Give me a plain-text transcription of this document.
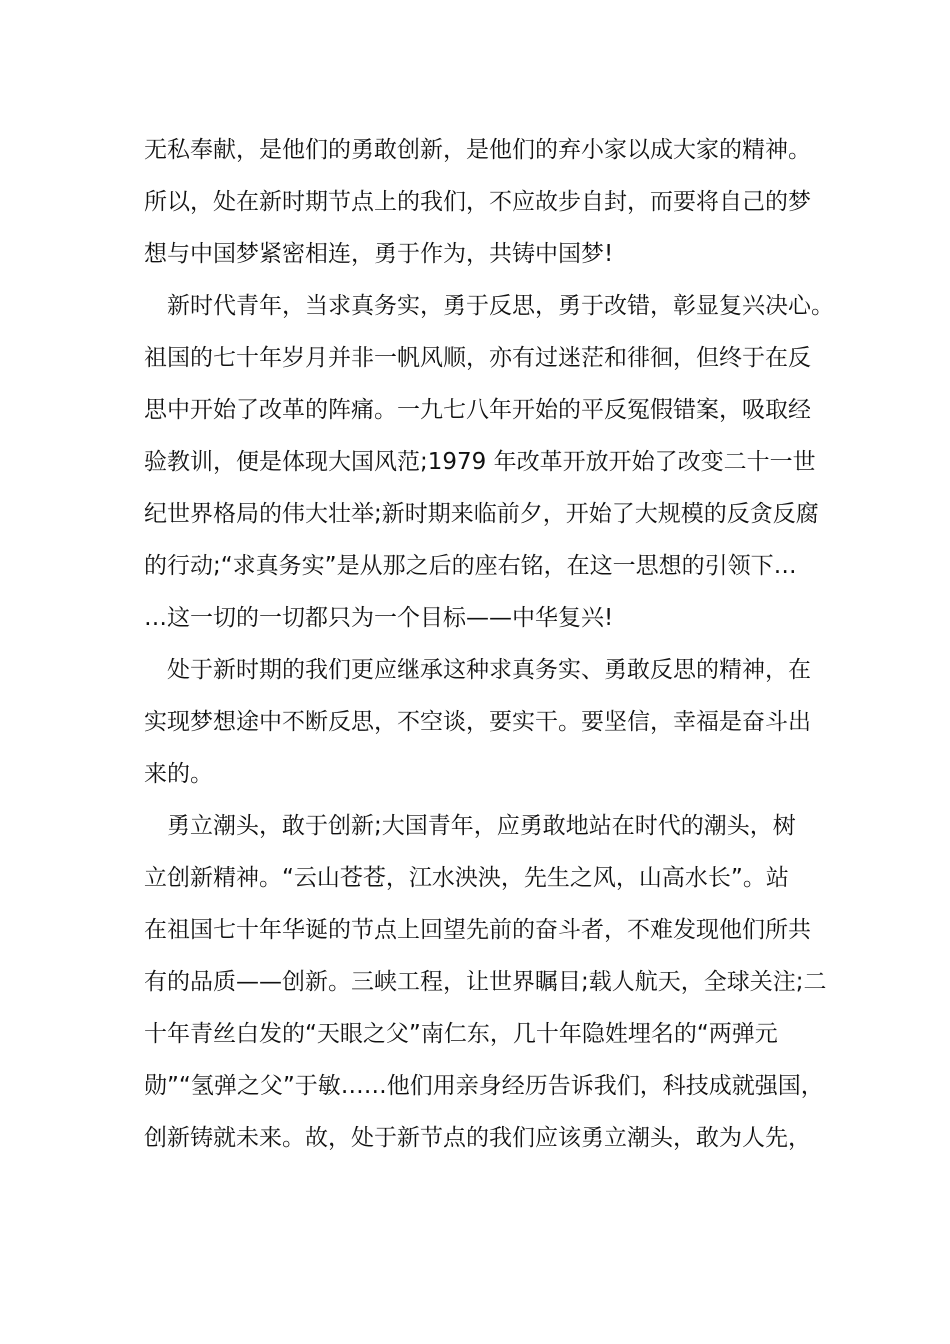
无私奉献，是他们的勇敢创新，是他们的弃小家以成大家的精神。
所以，处在新时期节点上的我们，不应故步自封，而要将自己的梦
想与中国梦紧密相连，勇于作为，共铸中国梦!

　新时代青年，当求真务实，勇于反思，勇于改错，彰显复兴决心。
祖国的七十年岁月并非一帆风顺，亦有过迷茫和徘徊，但终于在反
思中开始了改革的阵痛。一九七八年开始的平反冤假错案，吸取经
验教训，便是体现大国风范;1979 年改革开放开始了改变二十一世
纪世界格局的伟大壮举;新时期来临前夕，开始了大规模的反贪反腐
的行动;“求真务实”是从那之后的座右铭，在这一思想的引领下…
…这一切的一切都只为一个目标——中华复兴!

　处于新时期的我们更应继承这种求真务实、勇敢反思的精神，在
实现梦想途中不断反思，不空谈，要实干。要坚信，幸福是奋斗出
来的。

　勇立潮头，敢于创新;大国青年，应勇敢地站在时代的潮头，树
立创新精神。“云山苍苍，江水泱泱，先生之风，山高水长”。站
在祖国七十年华诞的节点上回望先前的奋斗者，不难发现他们所共
有的品质——创新。三峡工程，让世界瞩目;载人航天，全球关注;二
十年青丝白发的“天眼之父”南仁东，几十年隐姓埋名的“两弹元
勋”“氢弹之父”于敏……他们用亲身经历告诉我们，科技成就强国，
创新铸就未来。故，处于新节点的我们应该勇立潮头，敢为人先，
